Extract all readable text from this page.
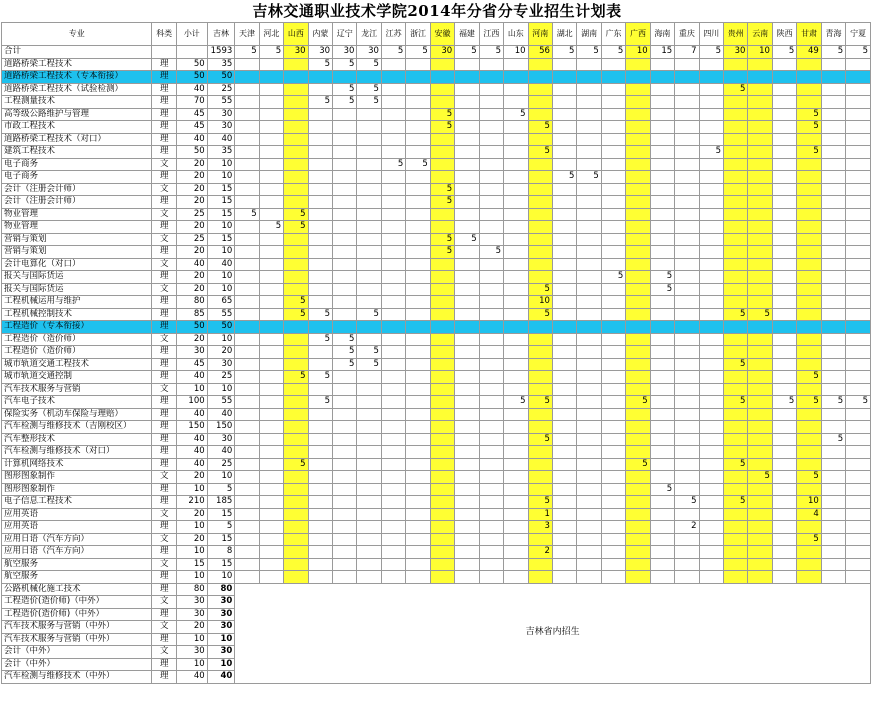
吉林交通职业技术学院2014年分省分专业招生计划表
专业	科类	小计	吉林	天津	河北	山西	内蒙	辽宁	龙江	江苏	浙江	安徽	福建	江西	山东	河南	湖北	湖南	广东	广西	海南	重庆	四川	贵州	云南	陕西	甘肃	青海	宁夏
合计			1593	5	5	30	30	30	30	5	5	30	5	5	10	56	5	5	5	10	15	7	5	30	10	5	49	5	5
道路桥梁工程技术	理	50	35				5	5	5																				
道路桥梁工程技术（专本衔接）	理	50	50																										
道路桥梁工程技术（试验检测）	理	40	25					5	5															5					
工程测量技术	理	70	55				5	5	5																				
高等级公路维护与管理	理	45	30									5			5												5		
市政工程技术	理	45	30									5				5											5		
道路桥梁工程技术（对口）	理	40	40																										
建筑工程技术	理	50	35													5							5				5		
电子商务	文	20	10							5	5																		
电子商务	理	20	10														5	5											
会计（注册会计师）	文	20	15									5																	
会计（注册会计师）	理	20	15									5																	
物业管理	文	25	15	5		5																							
物业管理	理	20	10		5	5																							
营销与策划	文	25	15									5	5																
营销与策划	理	20	10									5		5															
会计电算化（对口）	文	40	40																										
报关与国际货运	理	20	10																5		5								
报关与国际货运	文	20	10													5					5								
工程机械运用与维护	理	80	65			5										10													
工程机械控制技术	理	85	55			5	5		5							5								5	5				
工程造价（专本衔接）	理	50	50																										
工程造价（造价师）	文	20	10				5	5																					
工程造价（造价师）	理	30	20					5	5																				
城市轨道交通工程技术	理	45	30					5	5															5					
城市轨道交通控制	理	40	25			5	5																				5		
汽车技术服务与营销	文	10	10																										
汽车电子技术	理	100	55				5								5	5				5				5		5	5	5	5
保险实务（机动车保险与理赔）	理	40	40																										
汽车检测与维修技术（吉刚校区）	理	150	150																										
汽车整形技术	理	40	30													5												5	
汽车检测与维修技术（对口）	理	40	40																										
计算机网络技术	理	40	25			5														5				5					
图形图象制作	文	20	10																						5		5		
图形图象制作	理	10	5																		5								
电子信息工程技术	理	210	185													5						5		5			10		
应用英语	文	20	15													1											4		
应用英语	理	10	5													3						2							
应用日语（汽车方向）	文	20	15																								5		
应用日语（汽车方向）	理	10	8													2													
航空服务	文	15	15																										
航空服务	理	10	10																										
公路机械化施工技术	理	80	80	吉林省内招生																									
工程造价(造价师)（中外）	文	30	30																										
工程造价(造价师)（中外）	理	30	30																										
汽车技术服务与营销（中外）	文	20	30																										
汽车技术服务与营销（中外）	理	10	10																										
会计（中外）	文	30	30																										
会计（中外）	理	10	10																										
汽车检测与维修技术（中外）	理	40	40																										
